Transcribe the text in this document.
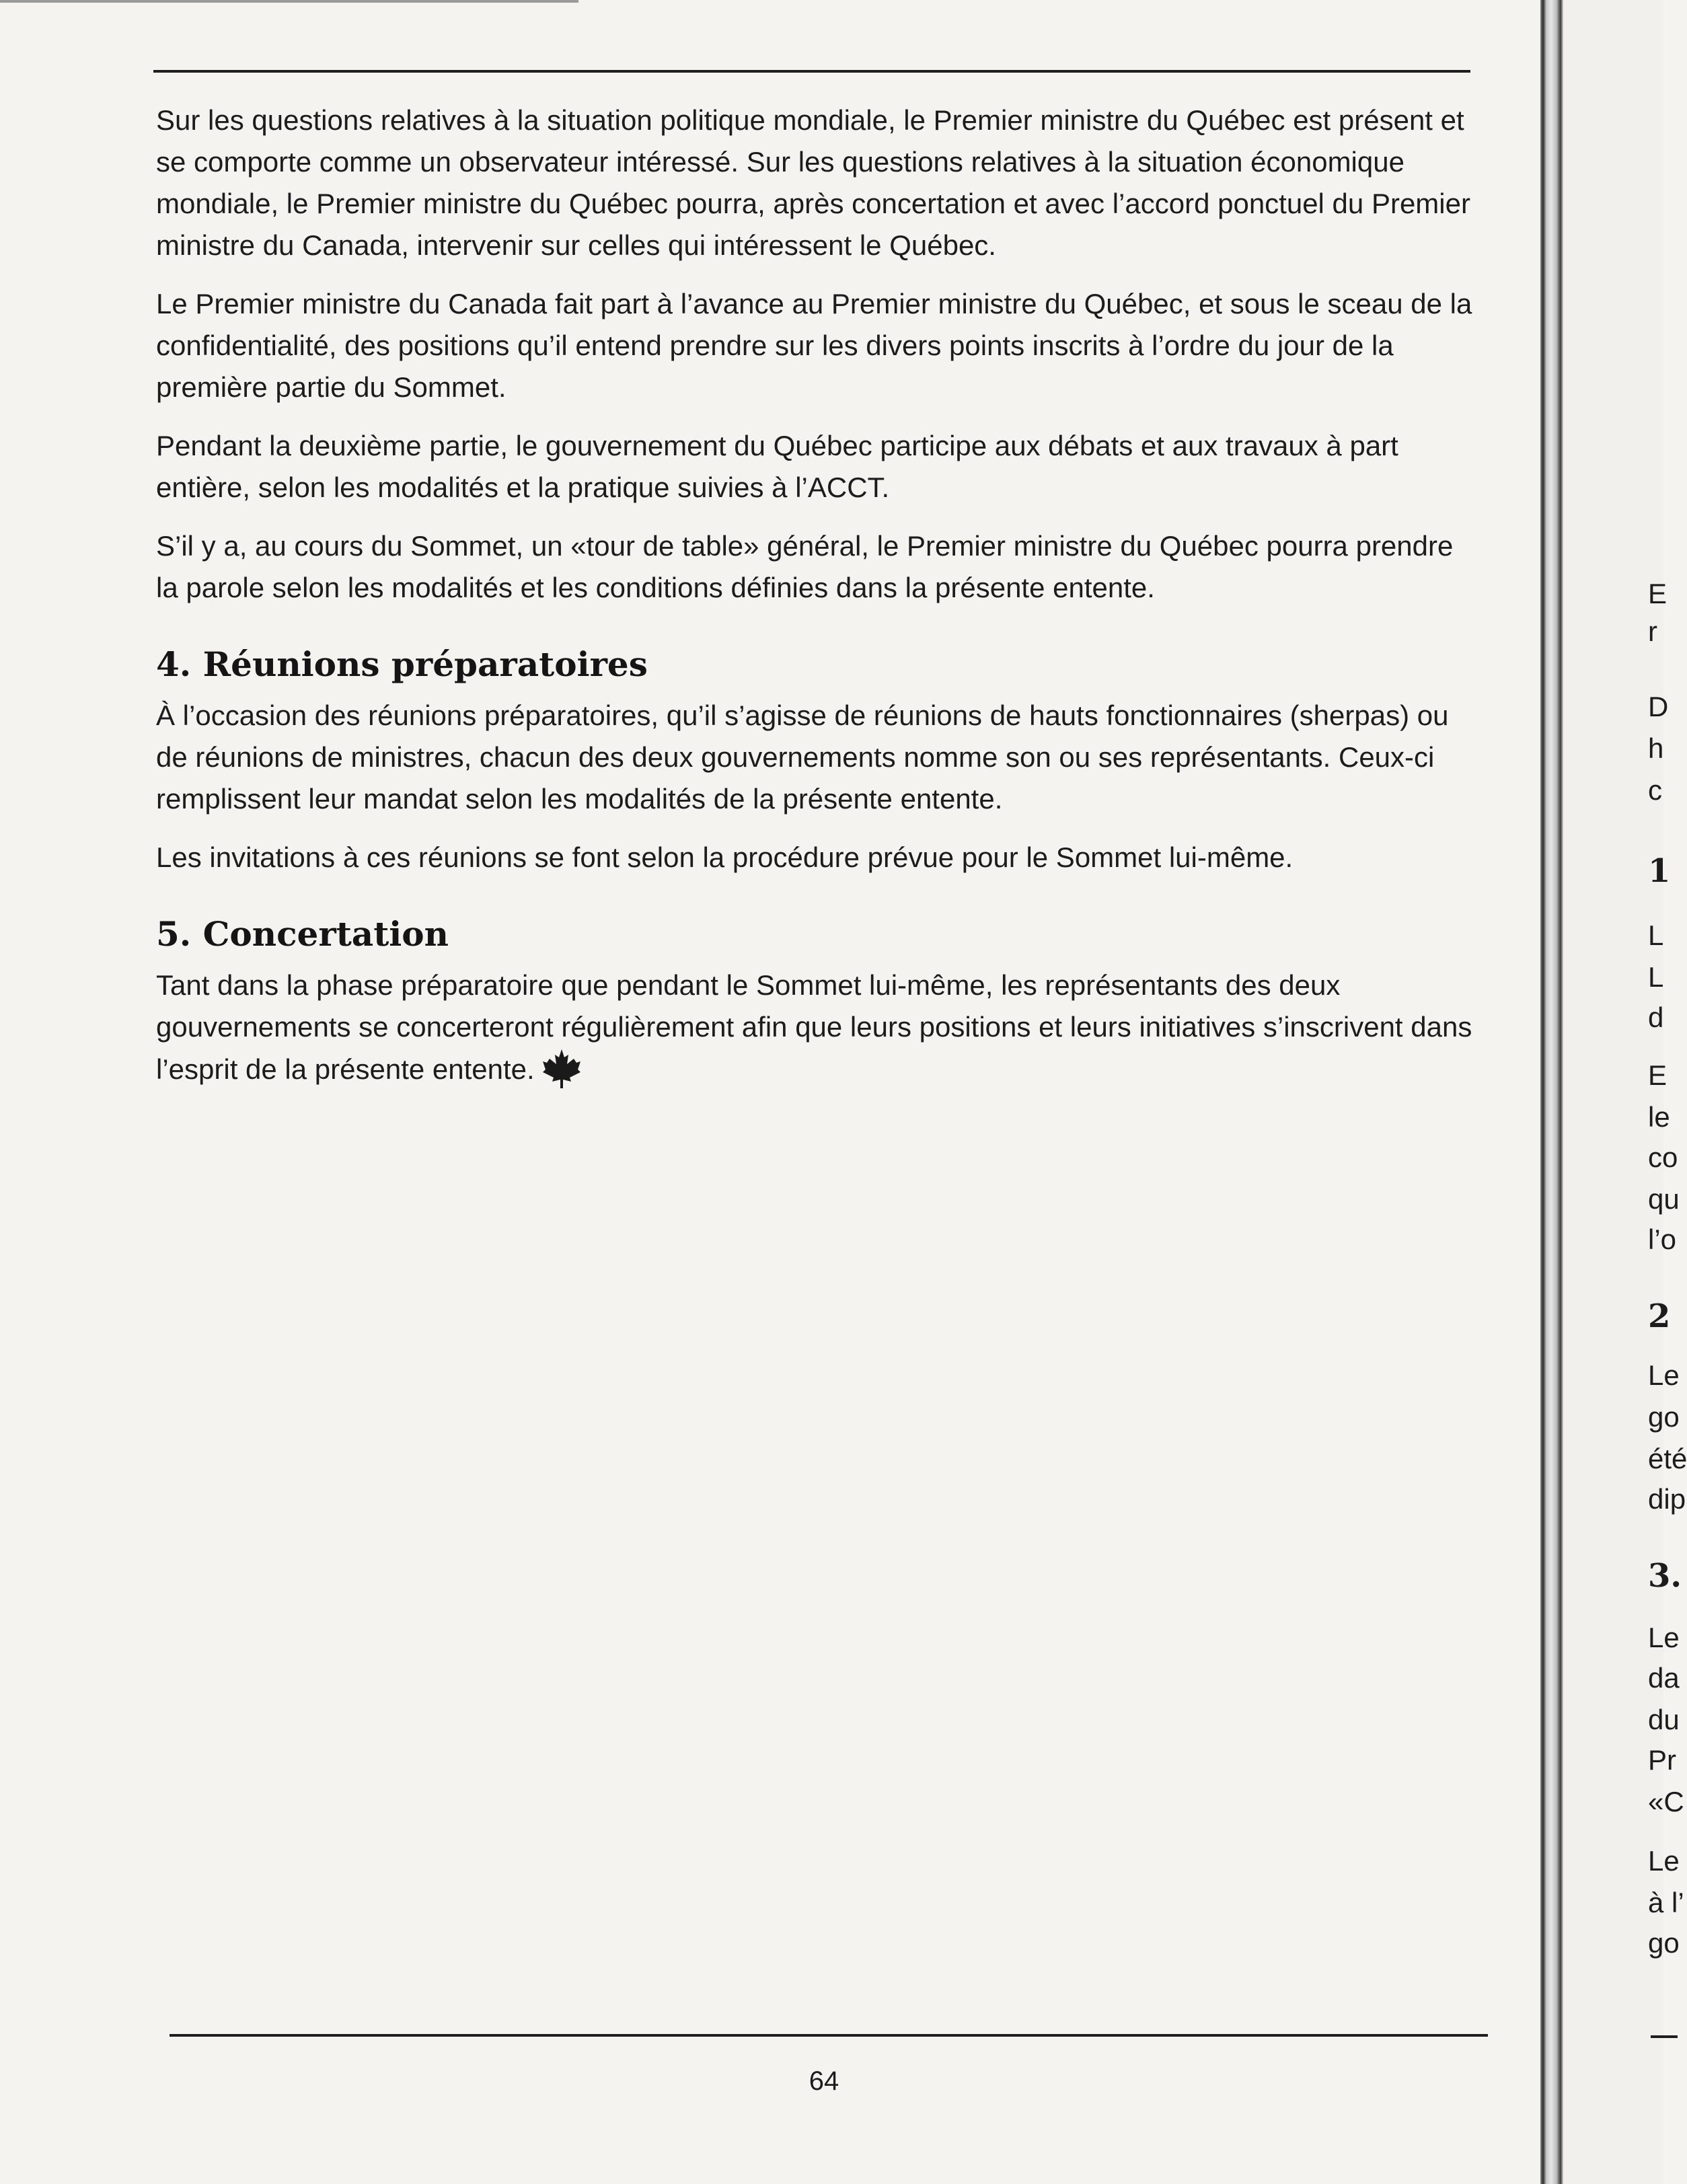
Sur les questions relatives à la situation politique mondiale, le Premier ministre du Québec est présent et se comporte comme un observateur intéressé. Sur les questions relatives à la situation économique mondiale, le Premier ministre du Québec pourra, après concertation et avec l’accord ponctuel du Premier ministre du Canada, intervenir sur celles qui intéressent le Québec.

Le Premier ministre du Canada fait part à l’avance au Premier ministre du Québec, et sous le sceau de la confidentialité, des positions qu’il entend prendre sur les divers points inscrits à l’ordre du jour de la première partie du Sommet.

Pendant la deuxième partie, le gouvernement du Québec participe aux débats et aux travaux à part entière, selon les modalités et la pratique suivies à l’ACCT.

S’il y a, au cours du Sommet, un «tour de table» général, le Premier ministre du Québec pourra prendre la parole selon les modalités et les conditions définies dans la présente entente.

4. Réunions préparatoires

À l’occasion des réunions préparatoires, qu’il s’agisse de réunions de hauts fonctionnaires (sherpas) ou de réunions de ministres, chacun des deux gouvernements nomme son ou ses représentants. Ceux-ci remplissent leur mandat selon les modalités de la présente entente.

Les invitations à ces réunions se font selon la procédure prévue pour le Sommet lui-même.

5. Concertation

Tant dans la phase préparatoire que pendant le Sommet lui-même, les représentants des deux gouvernements se concerteront régulièrement afin que leurs positions et leurs initiatives s’inscrivent dans l’esprit de la présente entente.

64
E
r
D
h
c
1
L
L
d
E
le
co
qu
l’o
2
Le
go
été
dip
3.
Le
da
du
Pr
«C
Le
à l’
go
